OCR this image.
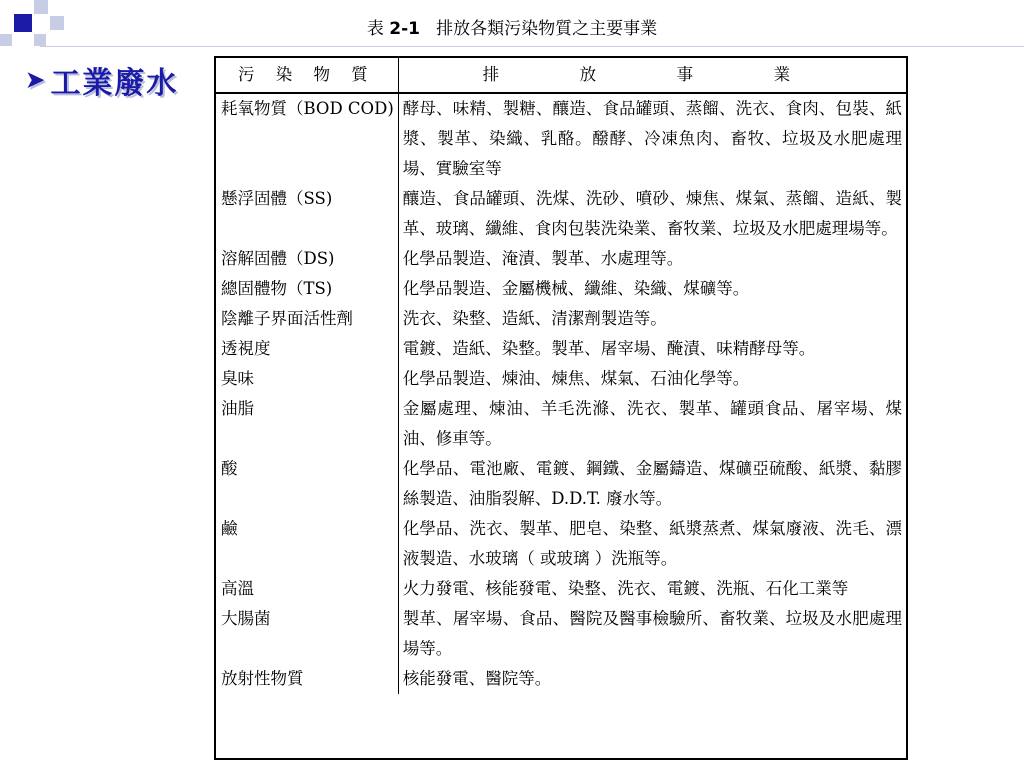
表 2-1 排放各類污染物質之主要事業
➤ 工業廢水	污 染 物 質	排　放　事　業
耗氧物質（BOD COD)	酵母、味精、製糖、釀造、食品罐頭、蒸餾、洗衣、食肉、包裝、紙漿、製革、染織、乳酪。醱酵、冷凍魚肉、畜牧、垃圾及水肥處理場、實驗室等
懸浮固體（SS)	釀造、食品罐頭、洗煤、洗砂、噴砂、煉焦、煤氣、蒸餾、造紙、製革、玻璃、纖維、食肉包裝洗染業、畜牧業、垃圾及水肥處理場等。
溶解固體（DS)	化學品製造、淹漬、製革、水處理等。
總固體物（TS)	化學品製造、金屬機械、纖維、染織、煤礦等。
陰離子界面活性劑	洗衣、染整、造紙、清潔劑製造等。
透視度	電鍍、造紙、染整。製革、屠宰場、醃漬、味精酵母等。
臭味	化學品製造、煉油、煉焦、煤氣、石油化學等。
油脂	金屬處理、煉油、羊毛洗滌、洗衣、製革、罐頭食品、屠宰場、煤油、修車等。
酸	化學品、電池廠、電鍍、鋼鐵、金屬鑄造、煤礦亞硫酸、紙漿、黏膠絲製造、油脂裂解、D.D.T. 廢水等。
鹼	化學品、洗衣、製革、肥皂、染整、紙漿蒸煮、煤氣廢液、洗毛、漂液製造、水玻璃（ 或玻璃 ）洗瓶等。
高溫	火力發電、核能發電、染整、洗衣、電鍍、洗瓶、石化工業等
大腸菌	製革、屠宰場、食品、醫院及醫事檢驗所、畜牧業、垃圾及水肥處理場等。
放射性物質	核能發電、醫院等。
